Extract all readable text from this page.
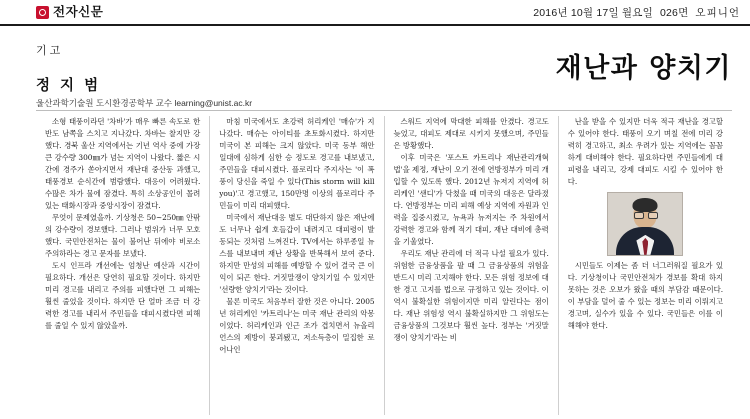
전자신문	2016년 10월 17일 월요일 026면 오피니언
기고
재난과 양치기
정 지 범
울산과학기술원 도시환경공학부 교수 learning@unist.ac.kr

소형 태풍이라던 '차바'가 매우 빠른 속도로 한반도 남쪽을 스치고 지나갔다. 차바는 찰지만 강했다. 경북 울산 지역에서는 기년 역사 중에 가장 큰 강수량 300㎜가 넘는 지역이 나왔다. 짧은 시간에 경주가 쏟아지면서 재난대 중산동 과했고, 태풍경보 순식간에 범람했다. 대응이 어려웠다. 수많은 차가 물에 잠겼다. 특히 소상공인이 몰려 있는 태화시장과 중앙시장이 잠겼다.

무엇이 문제였을까. 기상청은 50~250㎜ 안팎의 강수량이 경보했다. 그러나 범위가 너무 모호했다. 국민안전처는 물이 불어난 뒤에야 비로소 주의하라는 경고 문자를 보냈다.

도시 인프라 개선에는 엄청난 예산과 시간이 필요하다. 개선은 당연히 필요할 것이다. 하지만 미리 경고를 내리고 주의를 피했다면 그 피해는 훨씬 줄었을 것이다. 하지만 단 얼마 조금 더 강력한 경고를 내리서 주민들을 대피시켰다면 피해를 줄일 수 있지 않았을까.

마침 미국에서도 초강력 허리케인 '매슈'가 지나갔다. 매슈는 아이티를 초토화시켰다. 하지만 미국이 본 피해는 크지 않았다. 미국 동부 해안 일대에 심하게 심한 승 정도로 경고를 내보냈고, 주민들을 대피시켰다. 플로리다 주지사는 '이 폭풍이 당신을 죽일 수 있다(This storm will kill you)'고 경고했고, 150만명 이상의 플로리다 주민들이 미리 대피했다.

미국에서 재난대응 별도 대단하지 않은 재난에도 너무나 쉽게 호들갑이 내려지고 대피령이 발동되는 것처럼 느껴진다. TV에서는 하루종일 뉴스를 내보내며 재난 상황을 반복해서 보여 준다. 하지만 만성의 피해를 예방할 수 있어 결국 큰 이익이 되곤 한다. 거짓말쟁이 양치기일 수 있지만 '선량한 양치기'라는 것이다.

물론 미국도 처음부터 잘한 것은 아니다. 2005년 허리케인 '카트리나'는 미국 재난 관리의 악몽이었다. 허리케인과 인근 조가 겹치면서 뉴올리언스의 제방이 붕괴됐고, 저소득층이 밀집한 로어나인

스워드 지역에 막대한 피해를 안겼다. 경고도 늦었고, 대피도 제대로 시키지 못했으며, 주민들은 방황했다.

이후 미국은 '포스트 카트리나 재난관리개혁법'을 제정, 재난이 오기 전에 연방정부가 미리 개입할 수 있도록 했다. 2012년 뉴저지 지역에 허리케인 '샌디'가 닥쳤을 때 미국의 대응은 달라졌다. 연방정부는 미리 피해 예상 지역에 자원과 인력을 집중시켰고, 뉴욕과 뉴저지는 주 차원에서 강력한 경고와 함께 적기 대피, 재난 대비에 총력을 기울였다.

우리도 재난 관리에 더 적극 나설 필요가 있다. 위험한 금융상품을 팔 때 그 금융상품의 위험을 반드시 미리 고지해야 한다. 모든 위험 정보에 대한 경고 고지를 법으로 규정하고 있는 것이다. 이 역시 불확실한 위험이지만 미리 알린다는 점이다. 재난 위험성 역시 불확실하지만 그 위험도는 금융상품의 그것보다 훨씬 높다. 정부는 '거짓말쟁이 양치기'라는 비

난을 받을 수 있지만 더욱 적극 재난을 경고할 수 있어야 한다. 태풍이 오기 며칠 전에 미리 강력히 경고하고, 최소 우려가 있는 지역에는 꼼꼼하게 대비해야 한다. 필요하다면 주민들에게 대피령을 내리고, 강제 대피도 시킬 수 있어야 한다.

시민들도 이제는 좀 더 너그러워질 필요가 있다. 기상청이나 국민안전처가 경보를 확대 하지 못하는 것은 오보가 왔을 때의 부담감 때문이다. 이 부담을 덜어 줄 수 있는 정보는 미리 이뤄지고 경고며, 실수가 있을 수 있다. 국민들은 이를 이해해야 한다.
